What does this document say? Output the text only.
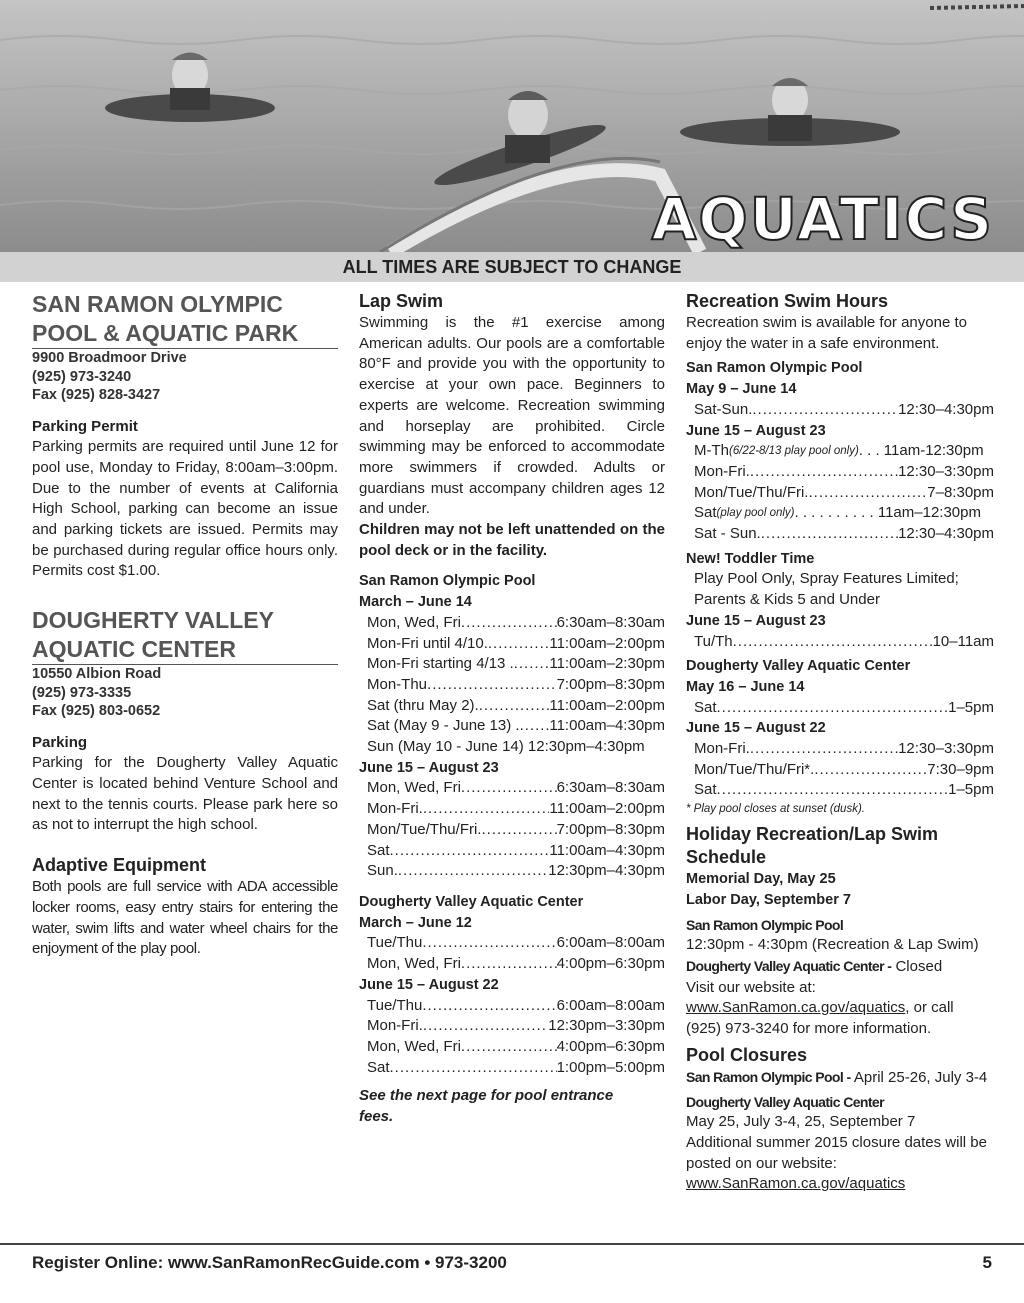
AQUATICS
ALL TIMES ARE SUBJECT TO CHANGE
SAN RAMON OLYMPIC
POOL & AQUATIC PARK
9900 Broadmoor Drive
(925) 973-3240
Fax (925) 828-3427
Parking Permit
Parking permits are required until June 12 for pool use, Monday to Friday, 8:00am–3:00pm. Due to the number of events at California High School, parking can become an issue and parking tickets are issued. Permits may be purchased during regular office hours only. Permits cost $1.00.
DOUGHERTY VALLEY
AQUATIC CENTER
10550 Albion Road
(925) 973-3335
Fax (925) 803-0652
Parking
Parking for the Dougherty Valley Aquatic Center is located behind Venture School and next to the tennis courts. Please park here so as not to interrupt the high school.
Adaptive Equipment
Both pools are full service with ADA accessible locker rooms, easy entry stairs for entering the water, swim lifts and water wheel chairs for the enjoyment of the play pool.
Lap Swim
Swimming is the #1 exercise among American adults. Our pools are a comfortable 80°F and provide you with the opportunity to exercise at your own pace. Beginners to experts are welcome. Recreation swimming and horseplay are prohibited. Circle swimming may be enforced to accommodate more swimmers if crowded. Adults or guardians must accompany children ages 12 and under.
Children may not be left unattended on the pool deck or in the facility.
San Ramon Olympic Pool
March – June 14
Mon, Wed, Fri .....	6:30am–8:30am
Mon-Fri until 4/10. .....	11:00am–2:00pm
Mon-Fri starting 4/13 . ..... 11:00am–2:30pm
Mon-Thu .....	7:00pm–8:30pm
Sat (thru May 2). .....	11:00am–2:00pm
Sat (May 9 - June 13) . ..... 11:00am–4:30pm
Sun (May 10 - June 14) 12:30pm–4:30pm
June 15 – August 23
Mon, Wed, Fri .....	6:30am–8:30am
Mon-Fri. .....	11:00am–2:00pm
Mon/Tue/Thu/Fri. .....	7:00pm–8:30pm
Sat .....	11:00am–4:30pm
Sun. .....	12:30pm–4:30pm
Dougherty Valley Aquatic Center
March – June 12
Tue/Thu .....	6:00am–8:00am
Mon, Wed, Fri .....	4:00pm–6:30pm
June 15 – August 22
Tue/Thu .....	6:00am–8:00am
Mon-Fri. .....	12:30pm–3:30pm
Mon, Wed, Fri .....	4:00pm–6:30pm
Sat .....	1:00pm–5:00pm
See the next page for pool entrance fees.
Recreation Swim Hours
Recreation swim is available for anyone to enjoy the water in a safe environment.
San Ramon Olympic Pool
May 9 – June 14
Sat-Sun. .....	12:30–4:30pm
June 15 – August 23
M-Th (6/22-8/13 play pool only) . . . 11am-12:30pm
Mon-Fri. .....	12:30–3:30pm
Mon/Tue/Thu/Fri. .....	7–8:30pm
Sat (play pool only) . . . . . . . . . . 11am–12:30pm
Sat - Sun. .....	12:30–4:30pm
New! Toddler Time
Play Pool Only, Spray Features Limited;
Parents & Kids 5 and Under
June 15 – August 23
Tu/Th .....	10–11am
Dougherty Valley Aquatic Center
May 16 – June 14
Sat .....	1–5pm
June 15 – August 22
Mon-Fri. .....	12:30–3:30pm
Mon/Tue/Thu/Fri*. .....	7:30–9pm
Sat .....	1–5pm
* Play pool closes at sunset (dusk).
Holiday Recreation/Lap Swim Schedule
Memorial Day, May 25
Labor Day, September 7
San Ramon Olympic Pool
12:30pm - 4:30pm (Recreation & Lap Swim)
Dougherty Valley Aquatic Center - Closed
Visit our website at:
www.SanRamon.ca.gov/aquatics, or call
(925) 973-3240 for more information.
Pool Closures
San Ramon Olympic Pool - April 25-26, July 3-4
Dougherty Valley Aquatic Center
May 25, July 3-4, 25, September 7
Additional summer 2015 closure dates will be posted on our website:
www.SanRamon.ca.gov/aquatics
Register Online: www.SanRamonRecGuide.com • 973-3200	5
